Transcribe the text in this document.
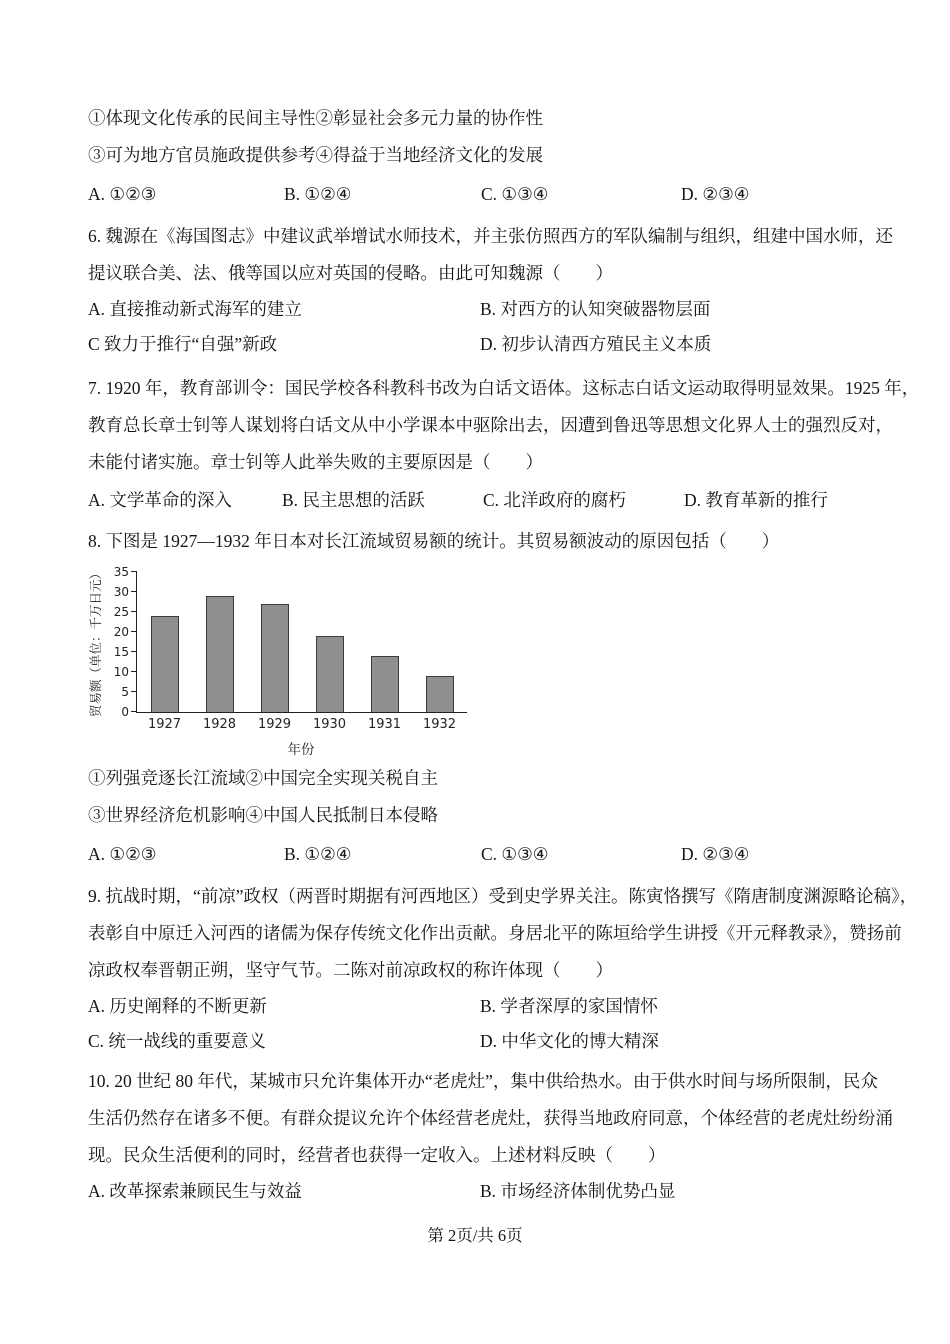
①体现文化传承的民间主导性②彰显社会多元力量的协作性
③可为地方官员施政提供参考④得益于当地经济文化的发展
A. ①②③	B. ①②④	C. ①③④	D. ②③④
6. 魏源在《海国图志》中建议武举增试水师技术，并主张仿照西方的军队编制与组织，组建中国水师，还
提议联合美、法、俄等国以应对英国的侵略。由此可知魏源（　　）
A. 直接推动新式海军的建立	B. 对西方的认知突破器物层面
C 致力于推行“自强”新政	D. 初步认清西方殖民主义本质
7. 1920 年，教育部训令：国民学校各科教科书改为白话文语体。这标志白话文运动取得明显效果。1925 年，
教育总长章士钊等人谋划将白话文从中小学课本中驱除出去，因遭到鲁迅等思想文化界人士的强烈反对，
未能付诸实施。章士钊等人此举失败的主要原因是（　　）
A. 文学革命的深入	B. 民主思想的活跃	C. 北洋政府的腐朽	D. 教育革新的推行
8. 下图是 1927—1932 年日本对长江流域贸易额的统计。其贸易额波动的原因包括（　　）
贸易额（单位：千万日元）	0
5
10
15
20
25
30
35
1927	1928	1929	1930	1931	1932
年份
①列强竞逐长江流域②中国完全实现关税自主
③世界经济危机影响④中国人民抵制日本侵略
A. ①②③	B. ①②④	C. ①③④	D. ②③④
9. 抗战时期，“前凉”政权（两晋时期据有河西地区）受到史学界关注。陈寅恪撰写《隋唐制度渊源略论稿》，
表彰自中原迁入河西的诸儒为保存传统文化作出贡献。身居北平的陈垣给学生讲授《开元释教录》，赞扬前
凉政权奉晋朝正朔，坚守气节。二陈对前凉政权的称许体现（　　）
A. 历史阐释的不断更新	B. 学者深厚的家国情怀
C. 统一战线的重要意义	D. 中华文化的博大精深
10. 20 世纪 80 年代，某城市只允许集体开办“老虎灶”，集中供给热水。由于供水时间与场所限制，民众
生活仍然存在诸多不便。有群众提议允许个体经营老虎灶，获得当地政府同意，个体经营的老虎灶纷纷涌
现。民众生活便利的同时，经营者也获得一定收入。上述材料反映（　　）
A. 改革探索兼顾民生与效益	B. 市场经济体制优势凸显
第 2页/共 6页
